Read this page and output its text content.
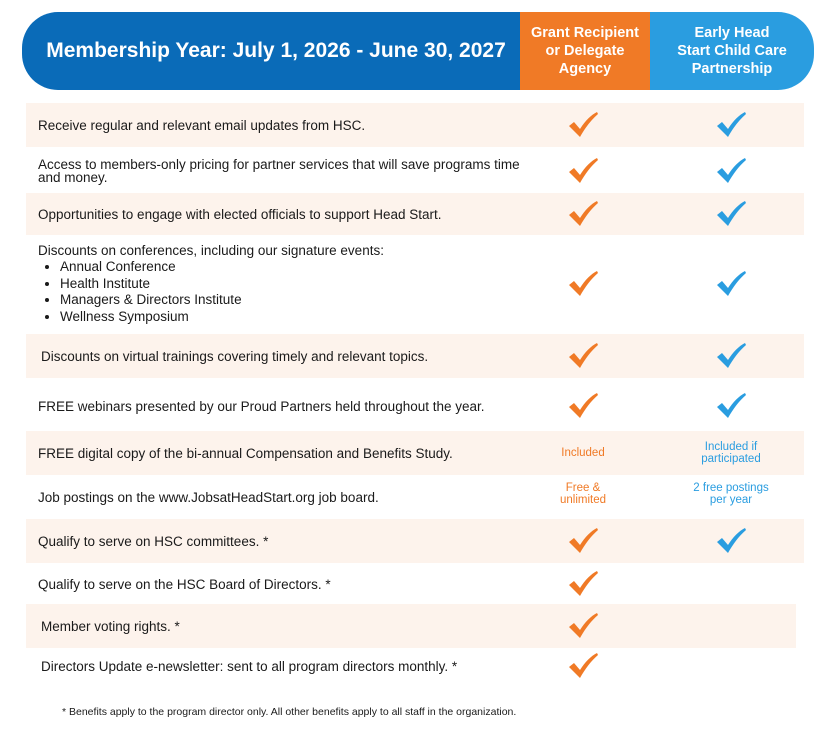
Membership Year: July 1, 2026 - June 30, 2027
Grant Recipient
or Delegate
Agency
Early Head
Start Child Care
Partnership
Receive regular and relevant email updates from HSC.
Access to members-only pricing for partner services that will save programs time and money.
Opportunities to engage with elected officials to support Head Start.
Discounts on conferences, including our signature events:
• Annual Conference
• Health Institute
• Managers & Directors Institute
• Wellness Symposium
Discounts on virtual trainings covering timely and relevant topics.
FREE webinars presented by our Proud Partners held throughout the year.
FREE digital copy of the bi-annual Compensation and Benefits Study.	Included	Included if
participated
Job postings on the www.JobsatHeadStart.org job board.
Free &
unlimited
2 free postings
per year
Qualify to serve on HSC committees. *
Qualify to serve on the HSC Board of Directors. *
Member voting rights. *
Directors Update e-newsletter: sent to all program directors monthly. *
* Benefits apply to the program director only. All other benefits apply to all staff in the organization.
